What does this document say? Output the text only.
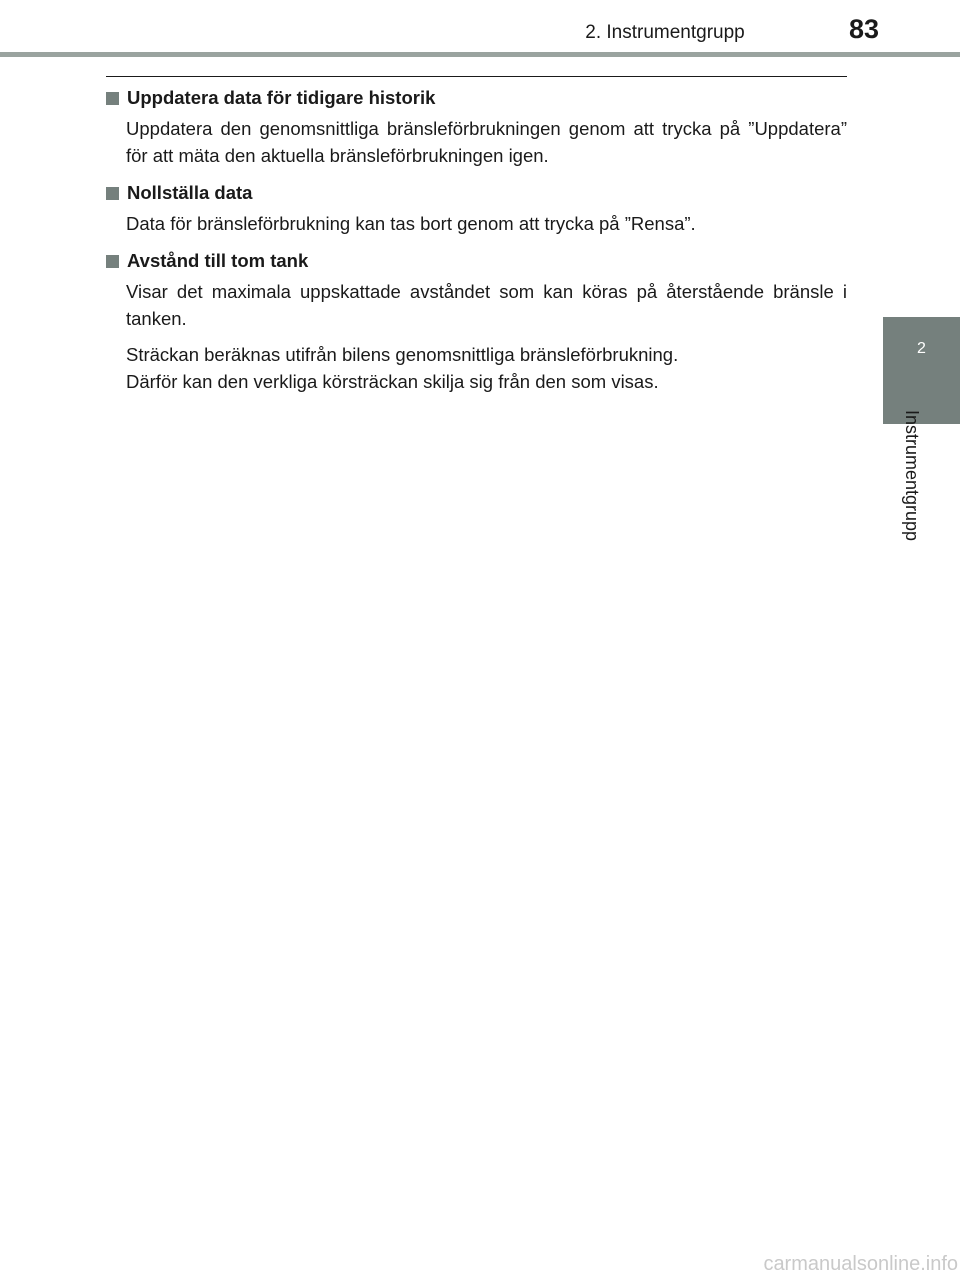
2. Instrumentgrupp	83
2
Instrumentgrupp
Uppdatera data för tidigare historik
Uppdatera den genomsnittliga bränsleförbrukningen genom att trycka på ”Uppdatera” för att mäta den aktuella bränsleförbrukningen igen.
Nollställa data
Data för bränsleförbrukning kan tas bort genom att trycka på ”Rensa”.
Avstånd till tom tank
Visar det maximala uppskattade avståndet som kan köras på återstående bränsle i tanken.
Sträckan beräknas utifrån bilens genomsnittliga bränsleförbrukning.
Därför kan den verkliga körsträckan skilja sig från den som visas.
carmanualsonline.info
